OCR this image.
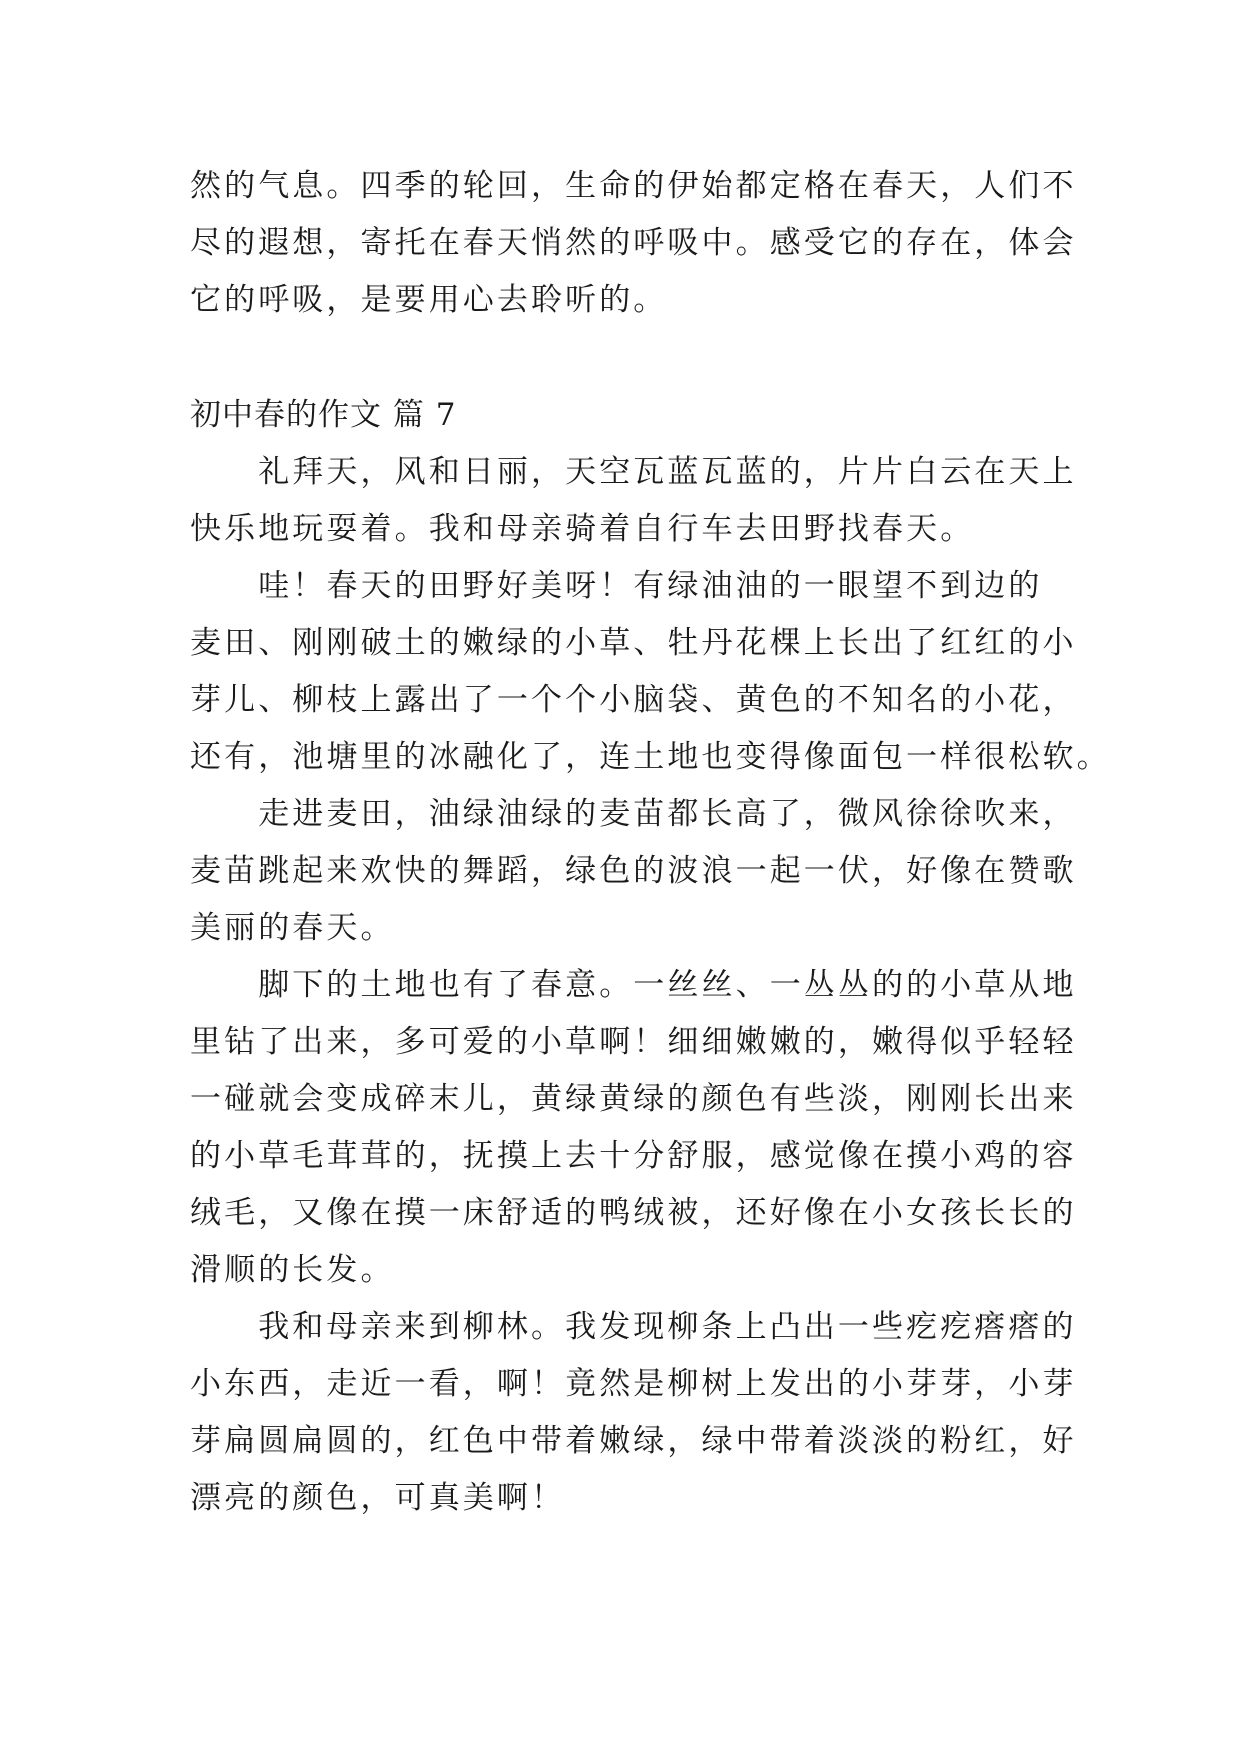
然的气息。四季的轮回，生命的伊始都定格在春天，人们不
尽的遐想，寄托在春天悄然的呼吸中。感受它的存在，体会
它的呼吸，是要用心去聆听的。
初中春的作文 篇 7
　　礼拜天，风和日丽，天空瓦蓝瓦蓝的，片片白云在天上
快乐地玩耍着。我和母亲骑着自行车去田野找春天。
　　哇！春天的田野好美呀！有绿油油的一眼望不到边的
麦田、刚刚破土的嫩绿的小草、牡丹花棵上长出了红红的小
芽儿、柳枝上露出了一个个小脑袋、黄色的不知名的小花，
还有，池塘里的冰融化了，连土地也变得像面包一样很松软。
　　走进麦田，油绿油绿的麦苗都长高了，微风徐徐吹来，
麦苗跳起来欢快的舞蹈，绿色的波浪一起一伏，好像在赞歌
美丽的春天。
　　脚下的土地也有了春意。一丝丝、一丛丛的的小草从地
里钻了出来，多可爱的小草啊！细细嫩嫩的，嫩得似乎轻轻
一碰就会变成碎末儿，黄绿黄绿的颜色有些淡，刚刚长出来
的小草毛茸茸的，抚摸上去十分舒服，感觉像在摸小鸡的容
绒毛，又像在摸一床舒适的鸭绒被，还好像在小女孩长长的
滑顺的长发。
　　我和母亲来到柳林。我发现柳条上凸出一些疙疙瘩瘩的
小东西，走近一看，啊！竟然是柳树上发出的小芽芽，小芽
芽扁圆扁圆的，红色中带着嫩绿，绿中带着淡淡的粉红，好
漂亮的颜色，可真美啊！
